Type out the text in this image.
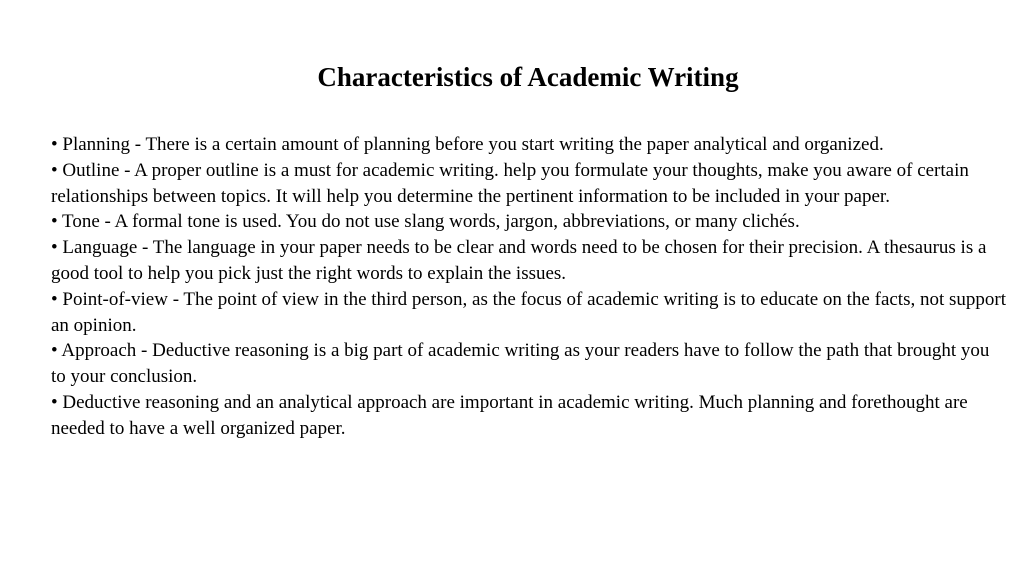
Characteristics of Academic Writing
• Planning - There is a certain amount of planning before you start writing the paper analytical and organized.
• Outline - A proper outline is a must for academic writing. help you formulate your thoughts, make you aware of certain relationships between topics. It will help you determine the pertinent information to be included in your paper.
• Tone - A formal tone is used. You do not use slang words, jargon, abbreviations, or many clichés.
• Language - The language in your paper needs to be clear and words need to be chosen for their precision. A thesaurus is a good tool to help you pick just the right words to explain the issues.
• Point-of-view - The point of view in the third person, as the focus of academic writing is to educate on the facts, not support an opinion.
• Approach - Deductive reasoning is a big part of academic writing as your readers have to follow the path that brought you to your conclusion.
• Deductive reasoning and an analytical approach are important in academic writing. Much planning and forethought are needed to have a well organized paper.
